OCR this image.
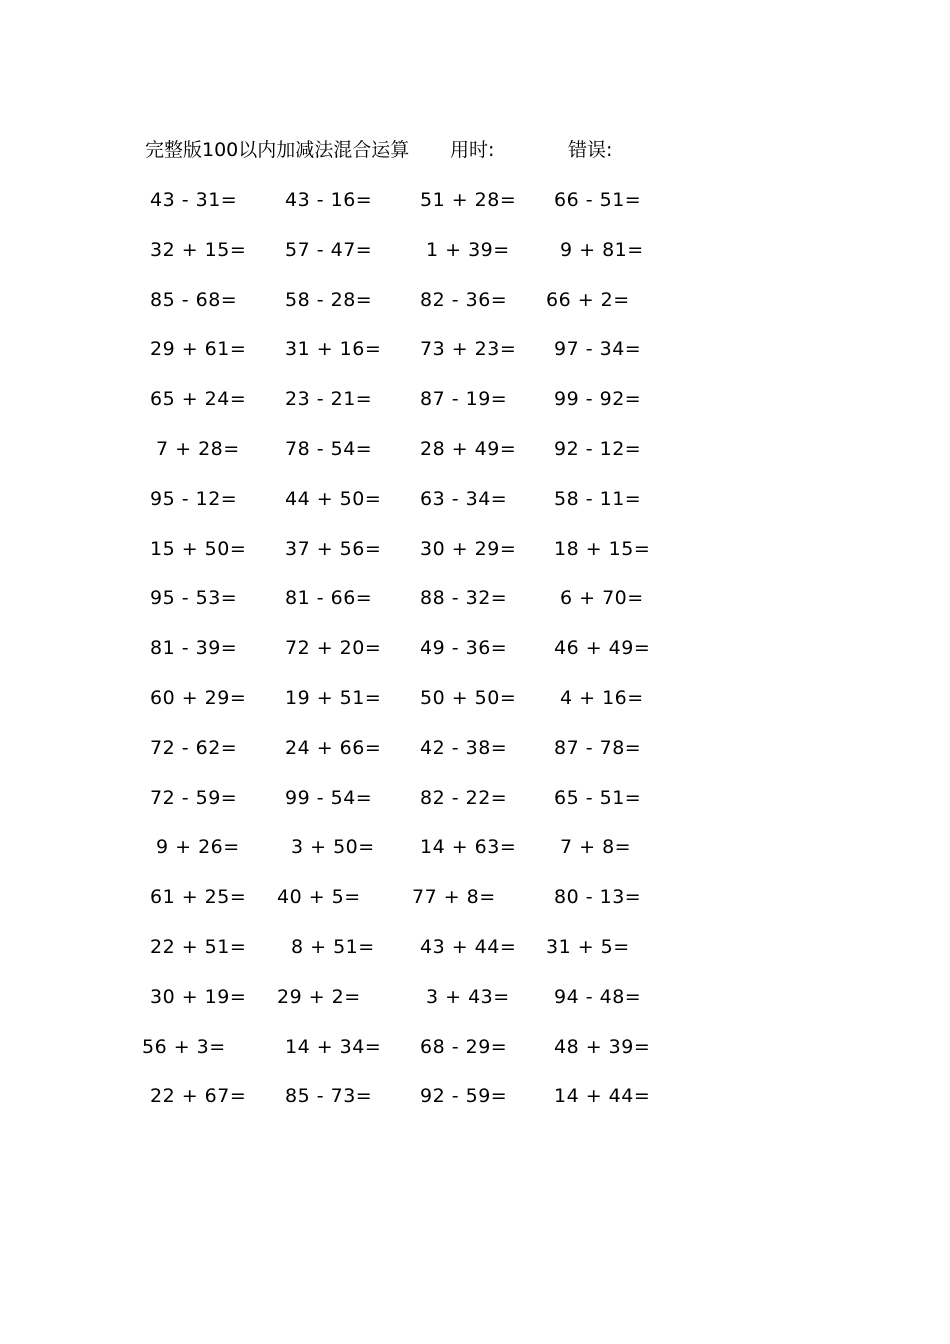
完整版100以内加减法混合运算 用时:	错误:
43 - 31=	43 - 16=	51 + 28= 66 - 51=
32 + 15= 57 - 47=	1 + 39=	9 + 81=
85 - 68=	58 - 28=	82 - 36= 66 + 2=
29 + 61= 31 + 16= 73 + 23= 97 - 34=
65 + 24= 23 - 21=	87 - 19= 99 - 92=
7 + 28= 78 - 54=	28 + 49= 92 - 12=
95 - 12=	44 + 50= 63 - 34= 58 - 11=
15 + 50= 37 + 56= 30 + 29= 18 + 15=
95 - 53=	81 - 66=	88 - 32=	6 + 70=
81 - 39=	72 + 20= 49 - 36= 46 + 49=
60 + 29= 19 + 51= 50 + 50= 4 + 16=
72 - 62=	24 + 66= 42 - 38= 87 - 78=
72 - 59=	99 - 54=	82 - 22= 65 - 51=
9 + 26=	3 + 50= 14 + 63= 7 + 8=
61 + 25= 40 + 5=	77 + 8=	80 - 13=
22 + 51= 8 + 51= 43 + 44= 31 + 5=
30 + 19= 29 + 2=	3 + 43= 94 - 48=
56 + 3=	14 + 34= 68 - 29= 48 + 39=
22 + 67= 85 - 73=	92 - 59= 14 + 44=
